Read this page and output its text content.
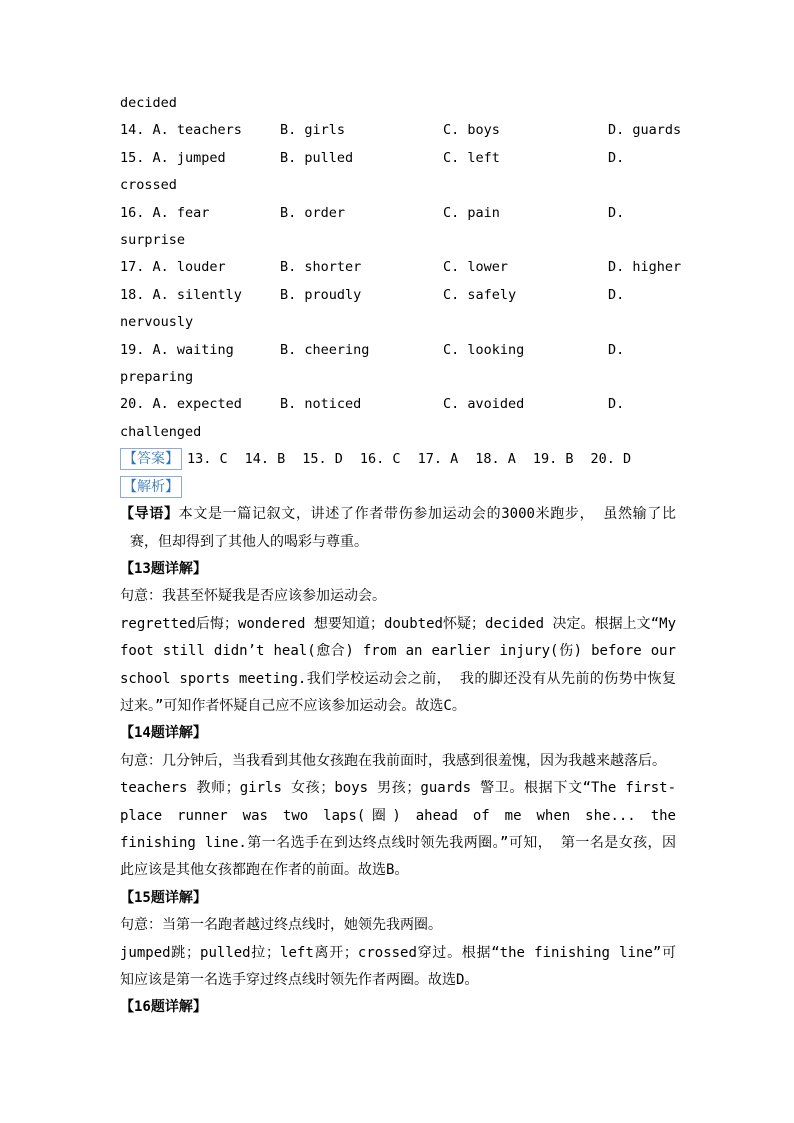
decided
14. A. teachers	B. girls	C. boys	D. guards
15. A. jumped	B. pulled	C. left	D.
crossed
16. A. fear	B. order	C. pain	D.
surprise
17. A. louder	B. shorter	C. lower	D. higher
18. A. silently	B. proudly	C. safely	D.
nervously
19. A. waiting	B. cheering	C. looking	D.
preparing
20. A. expected	B. noticed	C. avoided	D.
challenged
【答案】 13. C 14. B 15. D 16. C 17. A 18. A 19. B 20. D
【解析】

【导语】本文是一篇记叙文，讲述了作者带伤参加运动会的3000米跑步， 虽然输了比赛，但却得到了其他人的喝彩与尊重。

【13题详解】

句意：我甚至怀疑我是否应该参加运动会。

regretted后悔；wondered 想要知道；doubted怀疑；decided 决定。根据上文“My foot still didn’t heal(愈合) from an earlier injury(伤) before our school sports meeting.我们学校运动会之前， 我的脚还没有从先前的伤势中恢复过来。”可知作者怀疑自己应不应该参加运动会。故选C。

【14题详解】

句意：几分钟后，当我看到其他女孩跑在我前面时，我感到很羞愧，因为我越来越落后。

teachers 教师；girls 女孩；boys 男孩；guards 警卫。根据下文“The first-place runner was two laps(圈) ahead of me when she... the finishing line.第一名选手在到达终点线时领先我两圈。”可知， 第一名是女孩，因此应该是其他女孩都跑在作者的前面。故选B。

【15题详解】

句意：当第一名跑者越过终点线时，她领先我两圈。

jumped跳；pulled拉；left离开；crossed穿过。根据“the finishing line”可知应该是第一名选手穿过终点线时领先作者两圈。故选D。

【16题详解】
